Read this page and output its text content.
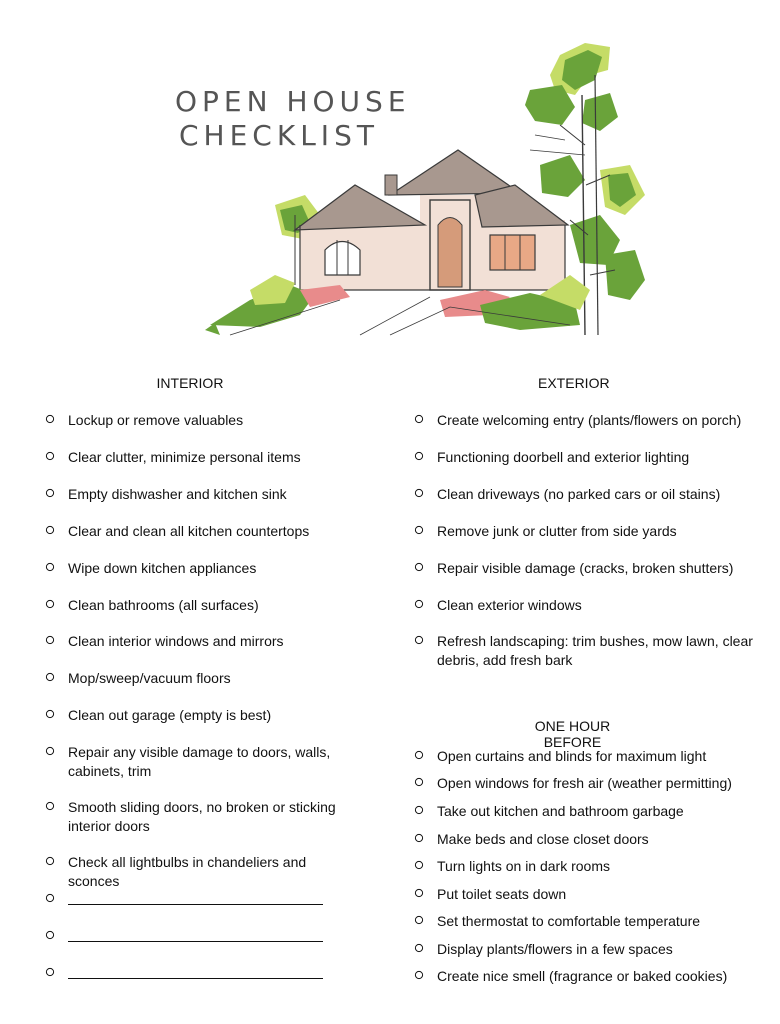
OPEN HOUSE
CHECKLIST
INTERIOR
Lockup or remove valuables
Clear clutter, minimize personal items
Empty dishwasher and kitchen sink
Clear and clean all kitchen countertops
Wipe down kitchen appliances
Clean bathrooms (all surfaces)
Clean interior windows and mirrors
Mop/sweep/vacuum floors
Clean out garage (empty is best)
Repair any visible damage to doors, walls, cabinets, trim
Smooth sliding doors, no broken or sticking interior doors
Check all lightbulbs in chandeliers and sconces
EXTERIOR
Create welcoming entry (plants/flowers on porch)
Functioning doorbell and exterior lighting
Clean driveways (no parked cars or oil stains)
Remove junk or clutter from side yards
Repair visible damage (cracks, broken shutters)
Clean exterior windows
Refresh landscaping: trim bushes, mow lawn, clear debris, add fresh bark
ONE HOUR BEFORE
Open curtains and blinds for maximum light
Open windows for fresh air (weather permitting)
Take out kitchen and bathroom garbage
Make beds and close closet doors
Turn lights on in dark rooms
Put toilet seats down
Set thermostat to comfortable temperature
Display plants/flowers in a few spaces
Create nice smell (fragrance or baked cookies)
